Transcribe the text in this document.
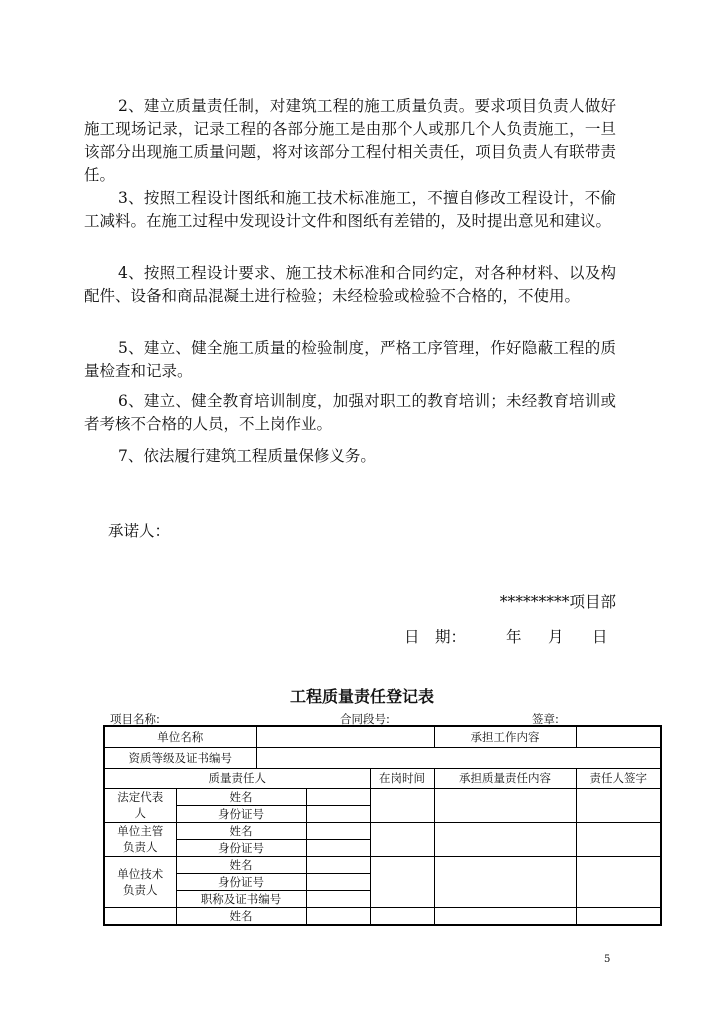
2、建立质量责任制，对建筑工程的施工质量负责。要求项目负责人做好施工现场记录，记录工程的各部分施工是由那个人或那几个人负责施工，一旦该部分出现施工质量问题，将对该部分工程付相关责任，项目负责人有联带责任。

3、按照工程设计图纸和施工技术标准施工，不擅自修改工程设计，不偷工减料。在施工过程中发现设计文件和图纸有差错的，及时提出意见和建议。

4、按照工程设计要求、施工技术标准和合同约定，对各种材料、以及构配件、设备和商品混凝土进行检验；未经检验或检验不合格的，不使用。

5、建立、健全施工质量的检验制度，严格工序管理，作好隐蔽工程的质量检查和记录。

6、建立、健全教育培训制度，加强对职工的教育培训；未经教育培训或者考核不合格的人员，不上岗作业。

7、依法履行建筑工程质量保修义务。

承诺人：
*********项目部
日　期：	年 月 日
工程质量责任登记表
项目名称:	合同段号:	签章:
单位名称					承担工作内容	
资质等级及证书编号						
质量责任人				在岗时间	承担质量责任内容	责任人签字
法定代表人	姓名					
	身份证号					
单位主管负责人	姓名					
	身份证号					
单位技术负责人	姓名					
	身份证号					
	职称及证书编号					
	姓名					
5
